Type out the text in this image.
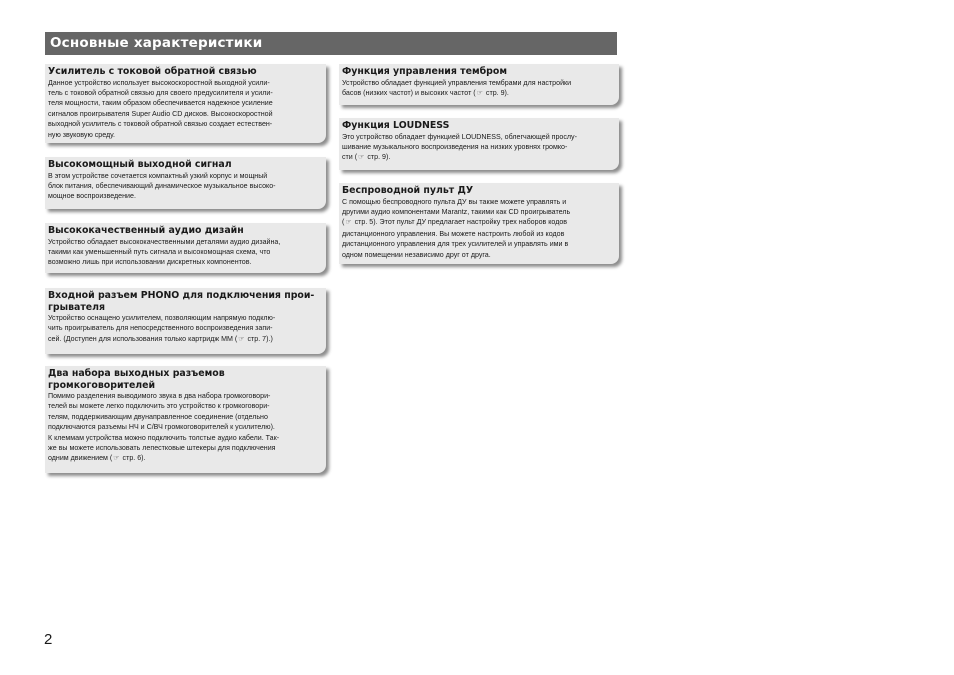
Основные характеристики
Усилитель с токовой обратной связью

Данное устройство использует высокоскоростной выходной усили-
тель с токовой обратной связью для своего предусилителя и усили-
теля мощности, таким образом обеспечивается надежное усиление
сигналов проигрывателя Super Audio CD дисков. Высокоскоростной
выходной усилитель с токовой обратной связью создает естествен-
ную звуковую среду.

Высокомощный выходной сигнал

В этом устройстве сочетается компактный узкий корпус и мощный
блок питания, обеспечивающий динамическое музыкальное высоко-
мощное воспроизведение.

Высококачественный аудио дизайн

Устройство обладает высококачественными деталями аудио дизайна,
такими как уменьшенный путь сигнала и высокомощная схема, что
возможно лишь при использовании дискретных компонентов.

Входной разъем PHONO для подключения прои-
грывателя

Устройство оснащено усилителем, позволяющим напрямую подклю-
чить проигрыватель для непосредственного воспроизведения запи-
сей. (Доступен для использования только картридж MM (☞ стр. 7).)

Два набора выходных разъемов
громкоговорителей

Помимо разделения выводимого звука в два набора громкоговори-
телей вы можете легко подключить это устройство к громкоговори-
телям, поддерживающим двунаправленное соединение (отдельно
подключаются разъемы НЧ и С/ВЧ громкоговорителей к усилителю).
К клеммам устройства можно подключить толстые аудио кабели. Так-
же вы можете использовать лепестковые штекеры для подключения
одним движением (☞ стр. 6).

Функция управления тембром

Устройство обладает функцией управления тембрами для настройки
басов (низких частот) и высоких частот (☞ стр. 9).

Функция LOUDNESS

Это устройство обладает функцией LOUDNESS, облегчающей прослу-
шивание музыкального воспроизведения на низких уровнях громко-
сти (☞ стр. 9).

Беспроводной пульт ДУ

С помощью беспроводного пульта ДУ вы также можете управлять и
другими аудио компонентами Marantz, такими как CD проигрыватель
(☞ стр. 5). Этот пульт ДУ предлагает настройку трех наборов кодов
дистанционного управления. Вы можете настроить любой из кодов
дистанционного управления для трех усилителей и управлять ими в
одном помещении независимо друг от друга.

2
